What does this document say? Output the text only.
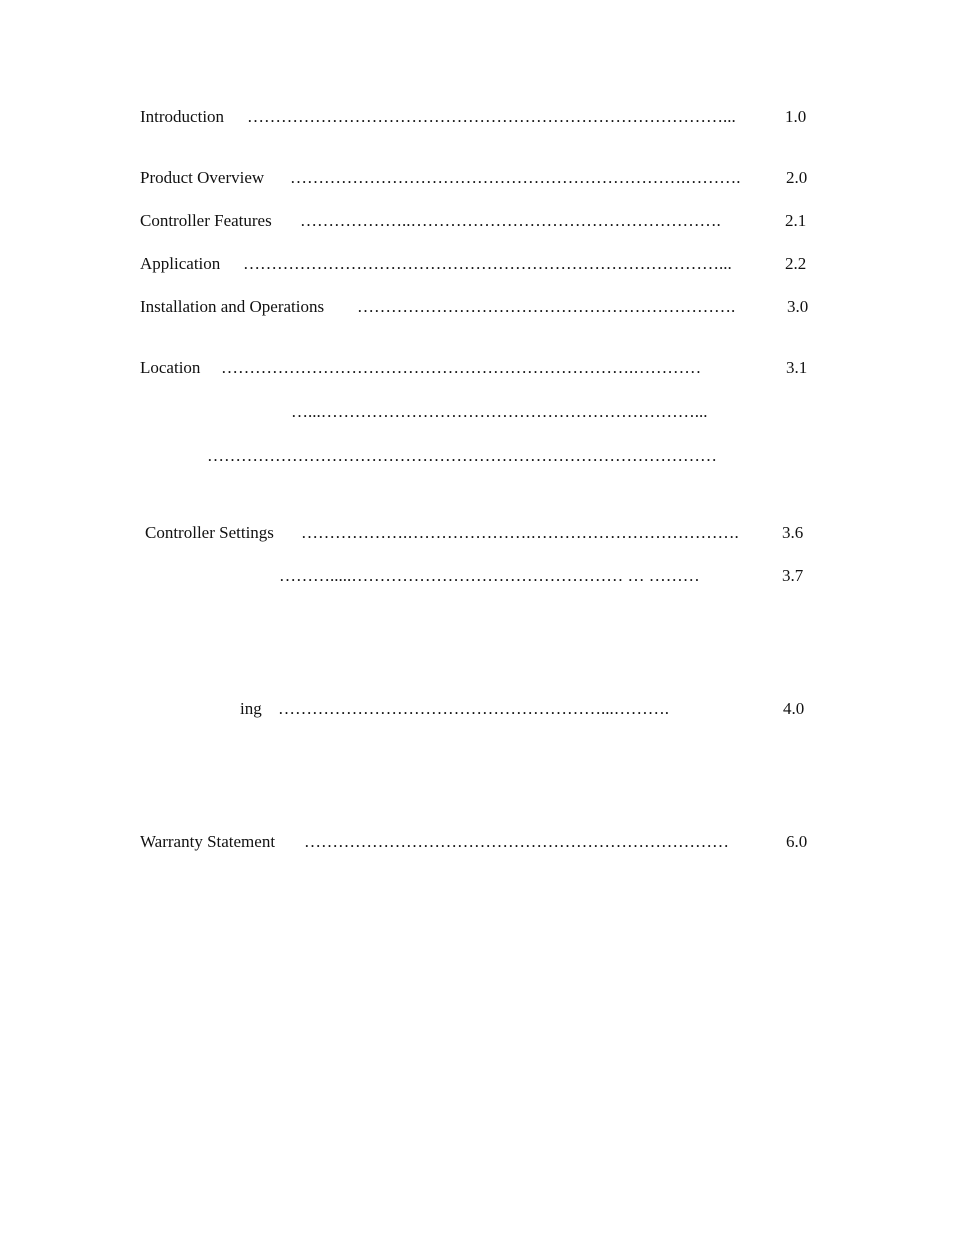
Introduction …………………………………………………………………………...	1.0
Product Overview …………………………………………………………….……….	2.0
Controller Features ………………..……………………………………………….	2.1
Application …………………………………………………………………………...	2.2
Installation and Operations ………………………………………………………….	3.0
Location ……………………………………………………………….…………	3.1
…...…………………………………………………………...
………………………………………………………………………………
Controller Settings ……………….………………….……………………………….	3.6
……….....………………………………………… … ………	3.7
ing …………………………………………………...……….	4.0
Warranty Statement …………………………………………………………………	6.0
